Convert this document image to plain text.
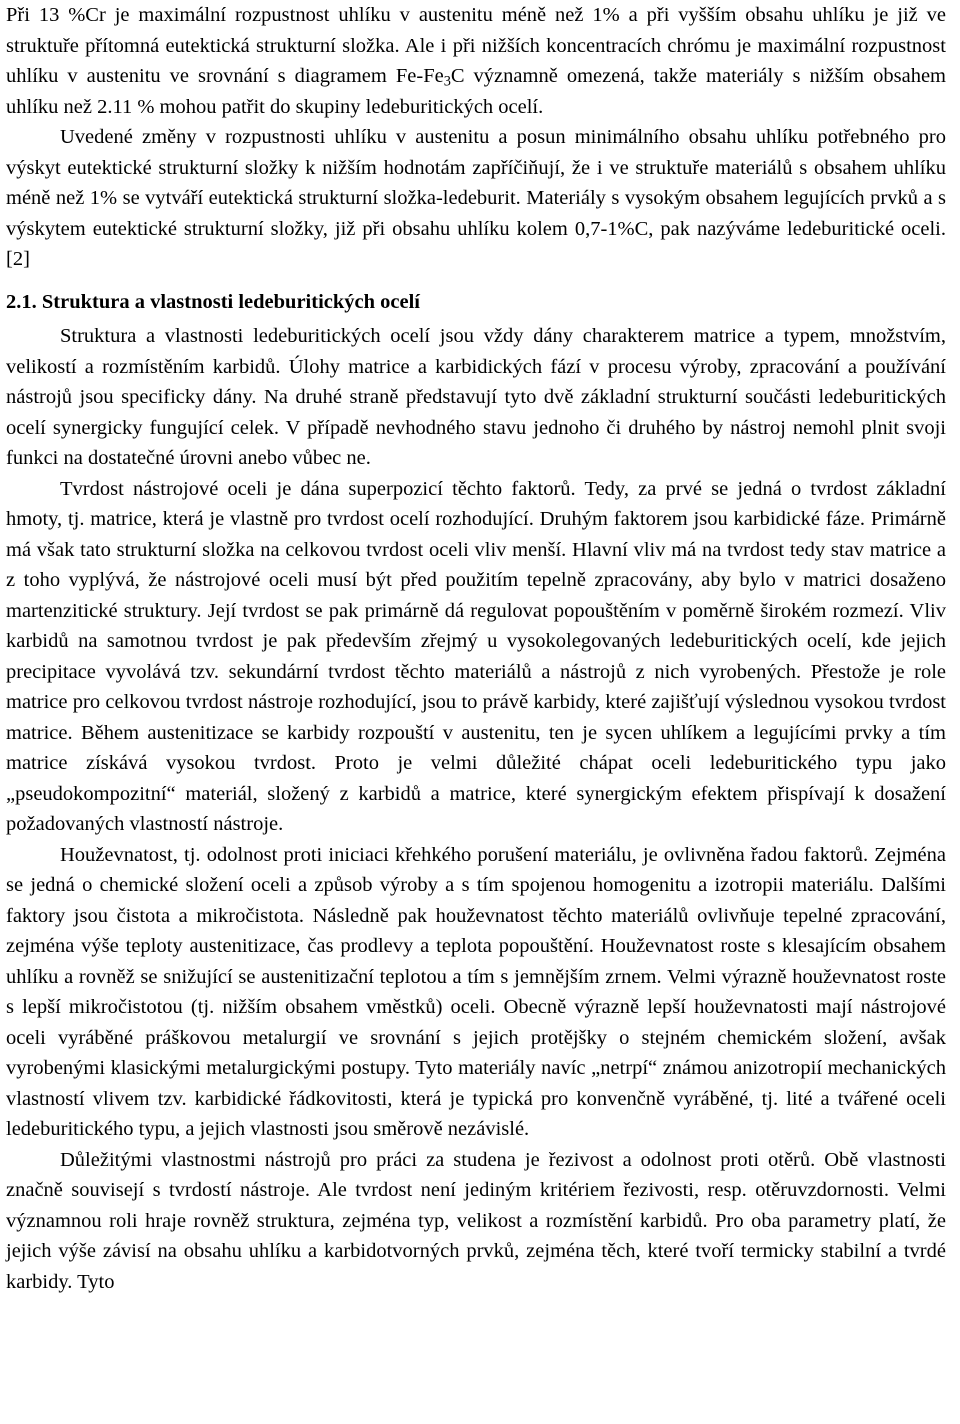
Při 13 %Cr je maximální rozpustnost uhlíku v austenitu méně než 1% a při vyšším obsahu uhlíku je již ve struktuře přítomná eutektická strukturní složka. Ale i při nižších koncentracích chrómu je maximální rozpustnost uhlíku v austenitu ve srovnání s diagramem $Fe-Fe_3C$ významně omezená, takže materiály s nižším obsahem uhlíku než 2.11 % mohou patřit do skupiny ledeburitických ocelí.

Uvedené změny v rozpustnosti uhlíku v austenitu a posun minimálního obsahu uhlíku potřebného pro výskyt eutektické strukturní složky k nižším hodnotám zapříčiňují, že i ve struktuře materiálů s obsahem uhlíku méně než 1% se vytváří eutektická strukturní složka-ledeburit. Materiály s vysokým obsahem legujících prvků a s výskytem eutektické strukturní složky, již při obsahu uhlíku kolem 0,7-1%C, pak nazýváme ledeburitické oceli. [2]

2.1. Struktura a vlastnosti ledeburitických ocelí

Struktura a vlastnosti ledeburitických ocelí jsou vždy dány charakterem matrice a typem, množstvím, velikostí a rozmístěním karbidů. Úlohy matrice a karbidických fází v procesu výroby, zpracování a používání nástrojů jsou specificky dány. Na druhé straně představují tyto dvě základní strukturní součásti ledeburitických ocelí synergicky fungující celek. V případě nevhodného stavu jednoho či druhého by nástroj nemohl plnit svoji funkci na dostatečné úrovni anebo vůbec ne.

Tvrdost nástrojové oceli je dána superpozicí těchto faktorů. Tedy, za prvé se jedná o tvrdost základní hmoty, tj. matrice, která je vlastně pro tvrdost ocelí rozhodující. Druhým faktorem jsou karbidické fáze. Primárně má však tato strukturní složka na celkovou tvrdost oceli vliv menší. Hlavní vliv má na tvrdost tedy stav matrice a z toho vyplývá, že nástrojové oceli musí být před použitím tepelně zpracovány, aby bylo v matrici dosaženo martenzitické struktury. Její tvrdost se pak primárně dá regulovat popouštěním v poměrně širokém rozmezí. Vliv karbidů na samotnou tvrdost je pak především zřejmý u vysokolegovaných ledeburitických ocelí, kde jejich precipitace vyvolává tzv. sekundární tvrdost těchto materiálů a nástrojů z nich vyrobených. Přestože je role matrice pro celkovou tvrdost nástroje rozhodující, jsou to právě karbidy, které zajišťují výslednou vysokou tvrdost matrice. Během austenitizace se karbidy rozpouští v austenitu, ten je sycen uhlíkem a legujícími prvky a tím matrice získává vysokou tvrdost. Proto je velmi důležité chápat oceli ledeburitického typu jako „pseudokompozitní“ materiál, složený z karbidů a matrice, které synergickým efektem přispívají k dosažení požadovaných vlastností nástroje.

Houževnatost, tj. odolnost proti iniciaci křehkého porušení materiálu, je ovlivněna řadou faktorů. Zejména se jedná o chemické složení oceli a způsob výroby a s tím spojenou homogenitu a izotropii materiálu. Dalšími faktory jsou čistota a mikročistota. Následně pak houževnatost těchto materiálů ovlivňuje tepelné zpracování, zejména výše teploty austenitizace, čas prodlevy a teplota popouštění. Houževnatost roste s klesajícím obsahem uhlíku a rovněž se snižující se austenitizační teplotou a tím s jemnějším zrnem. Velmi výrazně houževnatost roste s lepší mikročistotou (tj. nižším obsahem vměstků) oceli. Obecně výrazně lepší houževnatosti mají nástrojové oceli vyráběné práškovou metalurgií ve srovnání s jejich protějšky o stejném chemickém složení, avšak vyrobenými klasickými metalurgickými postupy. Tyto materiály navíc „netrpí“ známou anizotropií mechanických vlastností vlivem tzv. karbidické řádkovitosti, která je typická pro konvenčně vyráběné, tj. lité a tvářené oceli ledeburitického typu, a jejich vlastnosti jsou směrově nezávislé.

Důležitými vlastnostmi nástrojů pro práci za studena je řezivost a odolnost proti otěrů. Obě vlastnosti značně souvisejí s tvrdostí nástroje. Ale tvrdost není jediným kritériem řezivosti, resp. otěruvzdornosti. Velmi významnou roli hraje rovněž struktura, zejména typ, velikost a rozmístění karbidů. Pro oba parametry platí, že jejich výše závisí na obsahu uhlíku a karbidotvorných prvků, zejména těch, které tvoří termicky stabilní a tvrdé karbidy. Tyto
